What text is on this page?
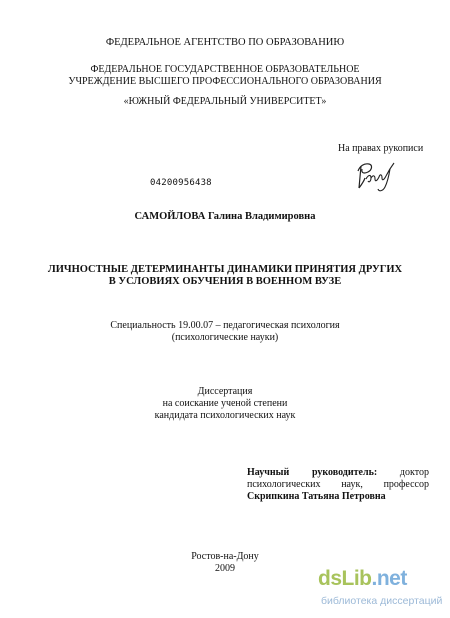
ФЕДЕРАЛЬНОЕ АГЕНТСТВО ПО ОБРАЗОВАНИЮ
ФЕДЕРАЛЬНОЕ ГОСУДАРСТВЕННОЕ ОБРАЗОВАТЕЛЬНОЕ
УЧРЕЖДЕНИЕ ВЫСШЕГО ПРОФЕССИОНАЛЬНОГО ОБРАЗОВАНИЯ
«ЮЖНЫЙ ФЕДЕРАЛЬНЫЙ УНИВЕРСИТЕТ»
На правах рукописи
04200956438
САМОЙЛОВА Галина Владимировна
ЛИЧНОСТНЫЕ ДЕТЕРМИНАНТЫ ДИНАМИКИ ПРИНЯТИЯ ДРУГИХ
В УСЛОВИЯХ ОБУЧЕНИЯ В ВОЕННОМ ВУЗЕ
Специальность 19.00.07 – педагогическая психология
(психологические науки)
Диссертация
на соискание ученой степени
кандидата психологических наук
Научный руководитель: доктор
психологических наук, профессор
Скрипкина Татьяна Петровна
Ростов-на-Дону
2009	dsLib.net
библиотека диссертаций
